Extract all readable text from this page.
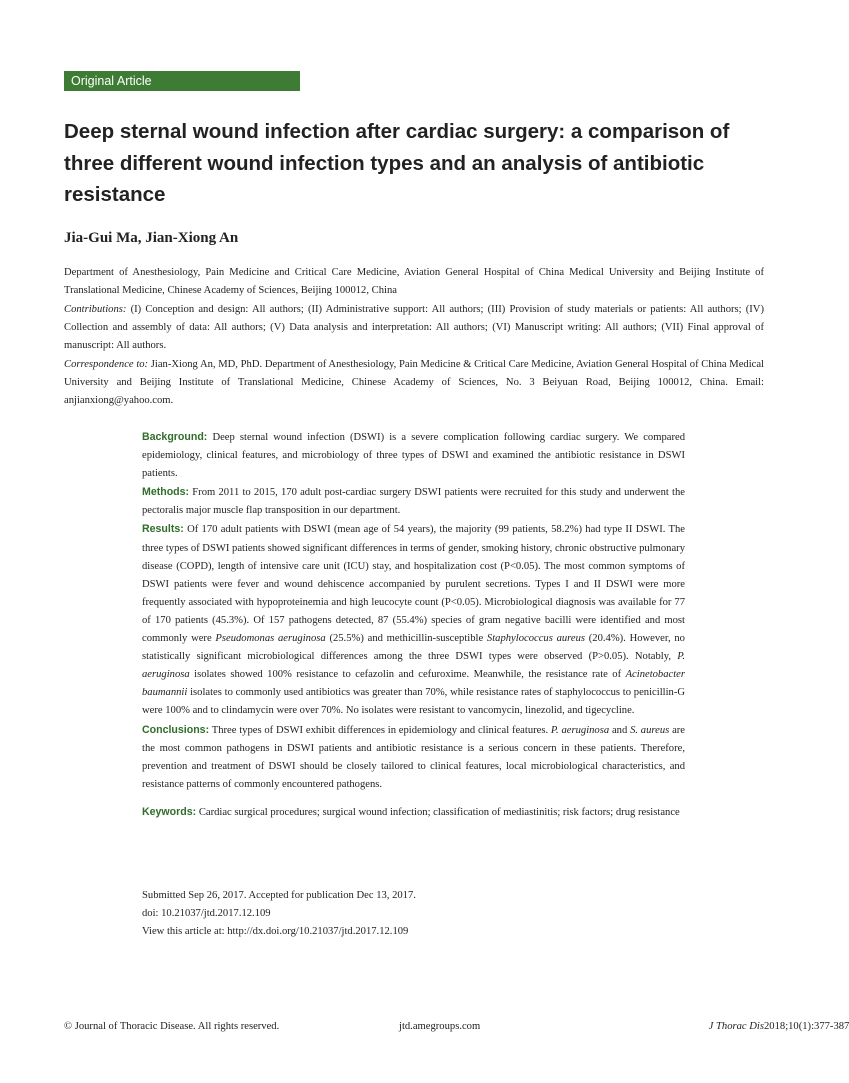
Original Article
Deep sternal wound infection after cardiac surgery: a comparison of three different wound infection types and an analysis of antibiotic resistance

Jia-Gui Ma, Jian-Xiong An

Department of Anesthesiology, Pain Medicine and Critical Care Medicine, Aviation General Hospital of China Medical University and Beijing Institute of Translational Medicine, Chinese Academy of Sciences, Beijing 100012, China
Contributions: (I) Conception and design: All authors; (II) Administrative support: All authors; (III) Provision of study materials or patients: All authors; (IV) Collection and assembly of data: All authors; (V) Data analysis and interpretation: All authors; (VI) Manuscript writing: All authors; (VII) Final approval of manuscript: All authors.
Correspondence to: Jian-Xiong An, MD, PhD. Department of Anesthesiology, Pain Medicine & Critical Care Medicine, Aviation General Hospital of China Medical University and Beijing Institute of Translational Medicine, Chinese Academy of Sciences, No. 3 Beiyuan Road, Beijing 100012, China. Email: anjianxiong@yahoo.com.

Background: Deep sternal wound infection (DSWI) is a severe complication following cardiac surgery. We compared epidemiology, clinical features, and microbiology of three types of DSWI and examined the antibiotic resistance in DSWI patients.

Methods: From 2011 to 2015, 170 adult post-cardiac surgery DSWI patients were recruited for this study and underwent the pectoralis major muscle flap transposition in our department.

Results: Of 170 adult patients with DSWI (mean age of 54 years), the majority (99 patients, 58.2%) had type II DSWI. The three types of DSWI patients showed significant differences in terms of gender, smoking history, chronic obstructive pulmonary disease (COPD), length of intensive care unit (ICU) stay, and hospitalization cost (P<0.05). The most common symptoms of DSWI patients were fever and wound dehiscence accompanied by purulent secretions. Types I and II DSWI were more frequently associated with hypoproteinemia and high leucocyte count (P<0.05). Microbiological diagnosis was available for 77 of 170 patients (45.3%). Of 157 pathogens detected, 87 (55.4%) species of gram negative bacilli were identified and most commonly were Pseudomonas aeruginosa (25.5%) and methicillin-susceptible Staphylococcus aureus (20.4%). However, no statistically significant microbiological differences among the three DSWI types were observed (P>0.05). Notably, P. aeruginosa isolates showed 100% resistance to cefazolin and cefuroxime. Meanwhile, the resistance rate of Acinetobacter baumannii isolates to commonly used antibiotics was greater than 70%, while resistance rates of staphylococcus to penicillin-G were 100% and to clindamycin were over 70%. No isolates were resistant to vancomycin, linezolid, and tigecycline.

Conclusions: Three types of DSWI exhibit differences in epidemiology and clinical features. P. aeruginosa and S. aureus are the most common pathogens in DSWI patients and antibiotic resistance is a serious concern in these patients. Therefore, prevention and treatment of DSWI should be closely tailored to clinical features, local microbiological characteristics, and resistance patterns of commonly encountered pathogens.

Keywords: Cardiac surgical procedures; surgical wound infection; classification of mediastinitis; risk factors; drug resistance

Submitted Sep 26, 2017. Accepted for publication Dec 13, 2017.
doi: 10.21037/jtd.2017.12.109
View this article at: http://dx.doi.org/10.21037/jtd.2017.12.109
© Journal of Thoracic Disease. All rights reserved.	jtd.amegroups.com	J Thorac Dis 2018;10(1):377-387
